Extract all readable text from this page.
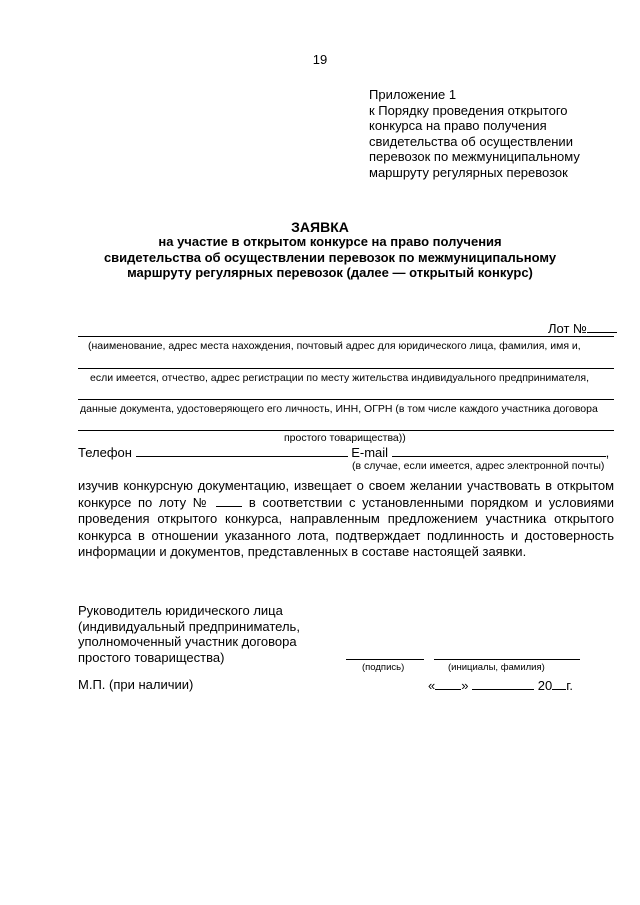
19
Приложение 1
к Порядку проведения открытого
конкурса на право получения
свидетельства об осуществлении
перевозок по межмуниципальному
маршруту регулярных перевозок
ЗАЯВКА
на участие в открытом конкурсе на право получения
свидетельства об осуществлении перевозок по межмуниципальному
маршруту регулярных перевозок (далее — открытый конкурс)
Лот №
(наименование, адрес места нахождения, почтовый адрес для юридического лица, фамилия, имя и,
если имеется, отчество, адрес регистрации по месту жительства индивидуального предпринимателя,
данные документа, удостоверяющего его личность, ИНН, ОГРН (в том числе каждого участника договора
простого товарищества))
Телефон	E-mail	,
(в случае, если имеется, адрес электронной почты)
изучив конкурсную документацию, извещает о своем желании участвовать в открытом конкурсе по лоту №	в соответствии с установленными порядком и условиями проведения открытого конкурса, направленным предложением участника открытого конкурса в отношении указанного лота, подтверждает подлинность и достоверность информации и документов, представленных в составе настоящей заявки.
Руководитель юридического лица
(индивидуальный предприниматель,
уполномоченный участник договора
простого товарищества)
(подпись)	(инициалы, фамилия)
М.П. (при наличии)	« »	20 г.
